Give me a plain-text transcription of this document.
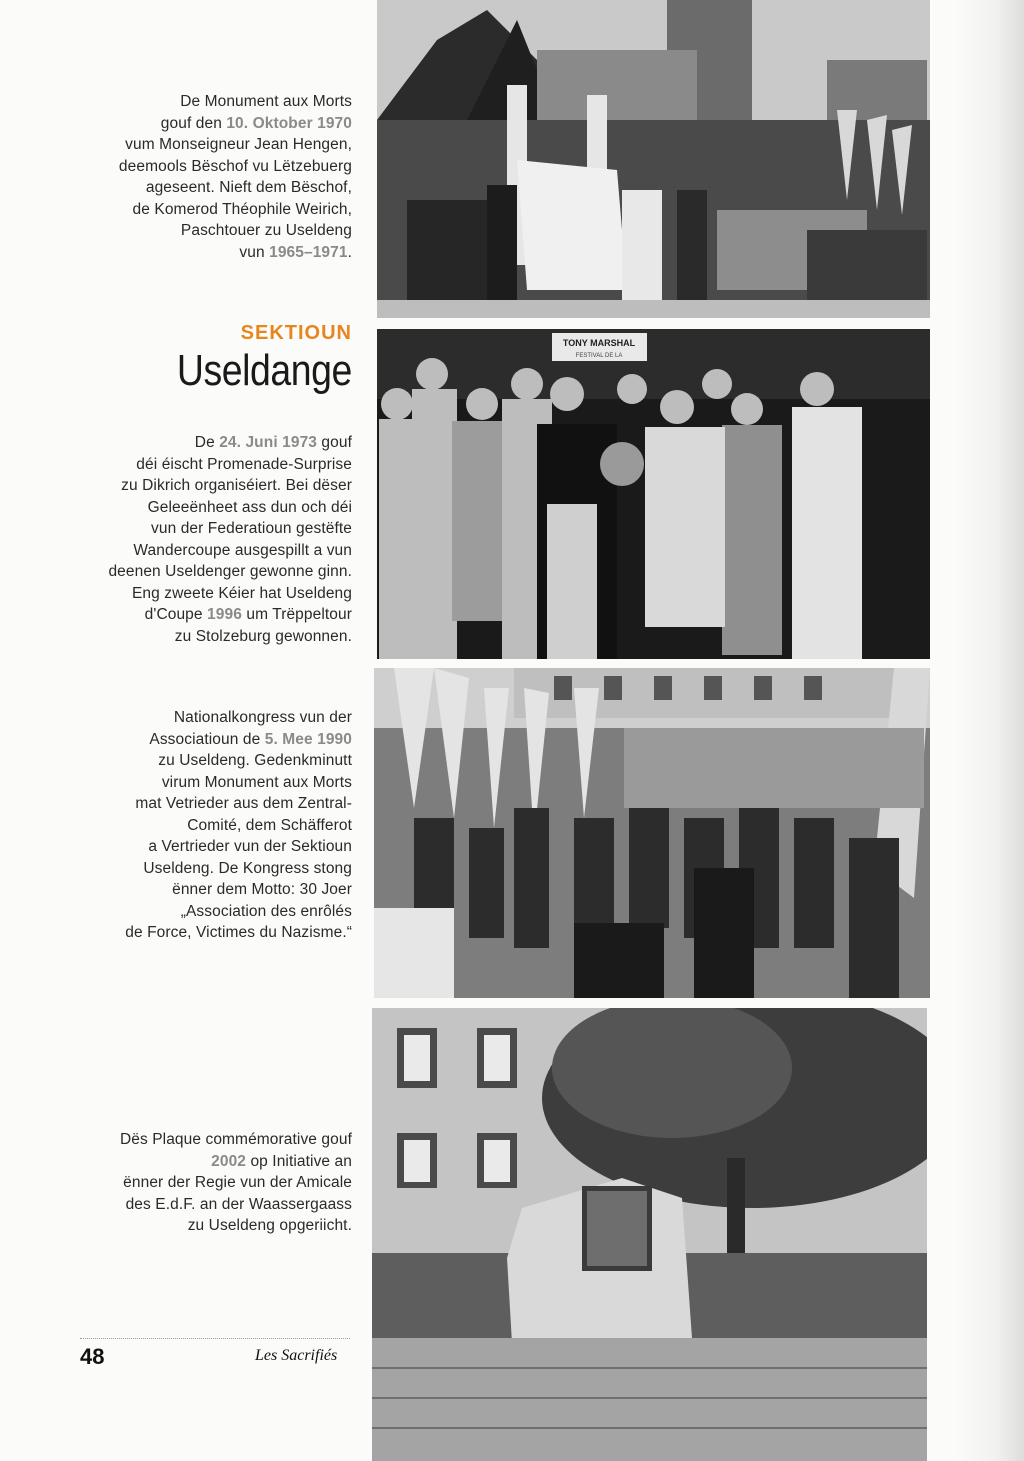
De Monument aux Morts
gouf den 10. Oktober 1970
vum Monseigneur Jean Hengen,
deemools Bëschof vu Lëtzebuerg
ageseent. Nieft dem Bëschof,
de Komerod Théophile Weirich,
Paschtouer zu Useldeng
vun 1965–1971.
SEKTIOUN
Useldange
De 24. Juni 1973 gouf
déi éischt Promenade-Surprise
zu Dikrich organiséiert. Bei dëser
Geleeënheet ass dun och déi
vun der Federatioun gestëfte
Wandercoupe ausgespillt a vun
deenen Useldenger gewonne ginn.
Eng zweete Kéier hat Useldeng
d'Coupe 1996 um Trëppeltour
zu Stolzeburg gewonnen.
Nationalkongress vun der
Associatioun de 5. Mee 1990
zu Useldeng. Gedenkminutt
virum Monument aux Morts
mat Vetrieder aus dem Zentral-
Comité, dem Schäfferot
a Vertrieder vun der Sektioun
Useldeng. De Kongress stong
ënner dem Motto: 30 Joer
„Association des enrôlés
de Force, Victimes du Nazisme.“
Dës Plaque commémorative gouf
2002 op Initiative an
ënner der Regie vun der Amicale
des E.d.F. an der Waassergaass
zu Useldeng opgeriicht.
TONY MARSHAL
FESTIVAL DE LA
48	Les Sacrifiés
